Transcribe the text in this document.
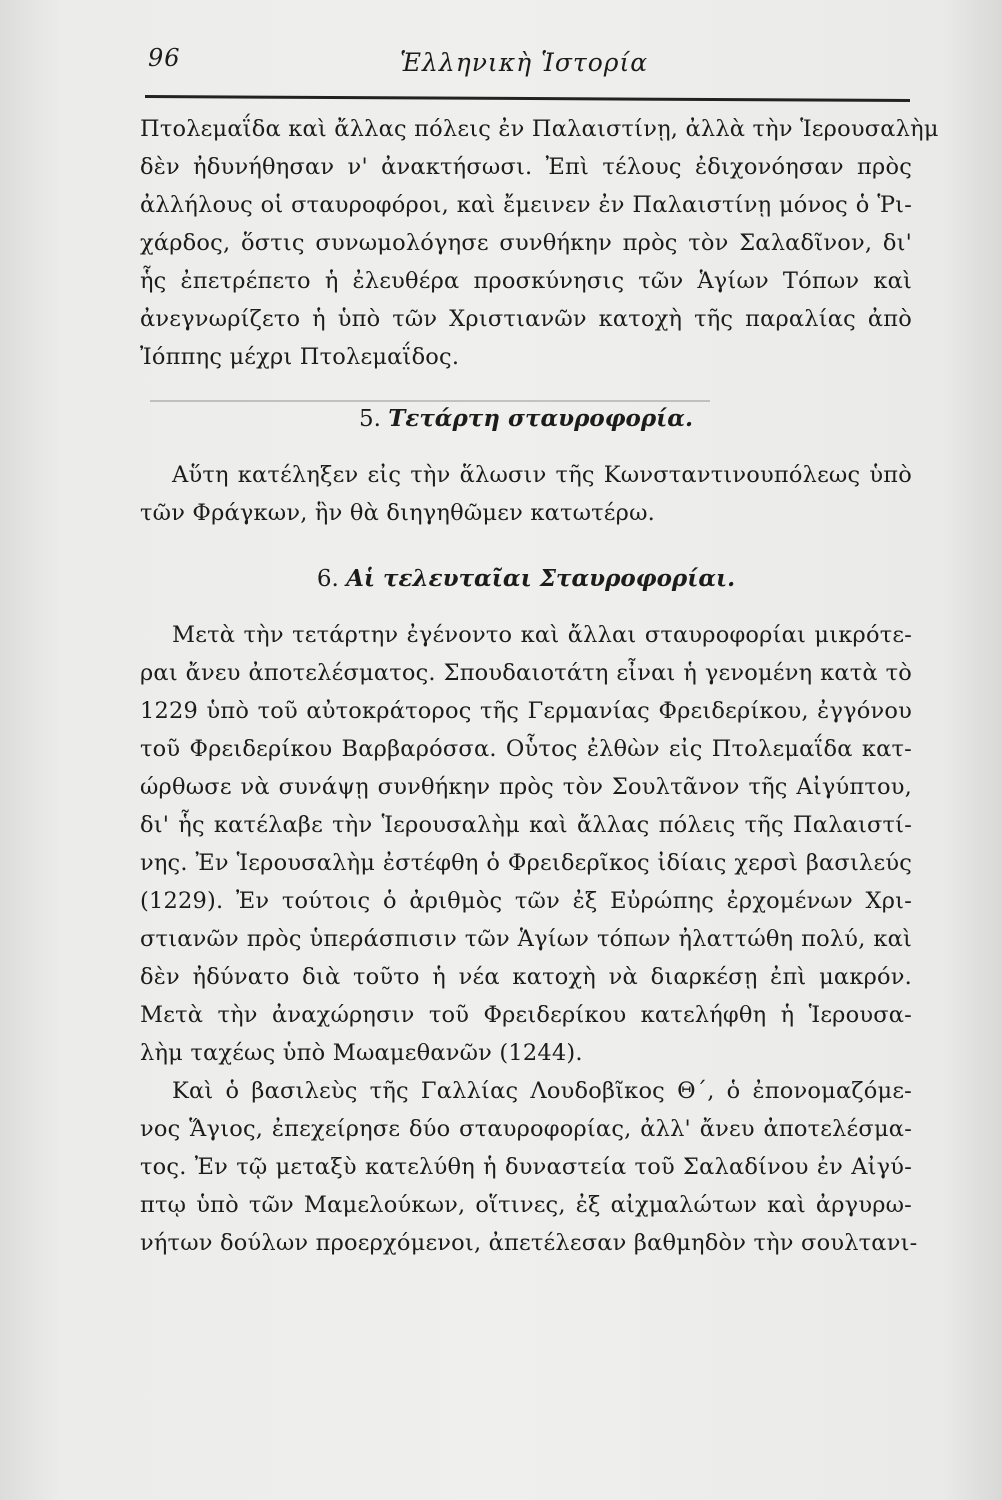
96	Ἑλληνικὴ Ἱστορία
Πτολεμαΐδα καὶ ἄλλας πόλεις ἐν Παλαιστίνῃ, ἀλλὰ τὴν Ἱερουσαλὴμ
δὲν ἠδυνήθησαν ν' ἀνακτήσωσι. Ἐπὶ τέλους ἐδιχονόησαν πρὸς
ἀλλήλους οἱ σταυροφόροι, καὶ ἔμεινεν ἐν Παλαιστίνῃ μόνος ὁ Ῥι-
χάρδος, ὅστις συνωμολόγησε συνθήκην πρὸς τὸν Σαλαδῖνον, δι'
ἧς ἐπετρέπετο ἡ ἐλευθέρα προσκύνησις τῶν Ἁγίων Τόπων καὶ
ἀνεγνωρίζετο ἡ ὑπὸ τῶν Χριστιανῶν κατοχὴ τῆς παραλίας ἀπὸ
Ἰόππης μέχρι Πτολεμαΐδος.
5. Τετάρτη σταυροφορία.
Αὕτη κατέληξεν εἰς τὴν ἅλωσιν τῆς Κωνσταντινουπόλεως ὑπὸ
τῶν Φράγκων, ἣν θὰ διηγηθῶμεν κατωτέρω.
6. Αἱ τελευταῖαι Σταυροφορίαι.
Μετὰ τὴν τετάρτην ἐγένοντο καὶ ἄλλαι σταυροφορίαι μικρότε-
ραι ἄνευ ἀποτελέσματος. Σπουδαιοτάτη εἶναι ἡ γενομένη κατὰ τὸ
1229 ὑπὸ τοῦ αὐτοκράτορος τῆς Γερμανίας Φρειδερίκου, ἐγγόνου
τοῦ Φρειδερίκου Βαρβαρόσσα. Οὗτος ἐλθὼν εἰς Πτολεμαΐδα κατ-
ώρθωσε νὰ συνάψῃ συνθήκην πρὸς τὸν Σουλτᾶνον τῆς Αἰγύπτου,
δι' ἧς κατέλαβε τὴν Ἱερουσαλὴμ καὶ ἄλλας πόλεις τῆς Παλαιστί-
νης. Ἐν Ἱερουσαλὴμ ἐστέφθη ὁ Φρειδερῖκος ἰδίαις χερσὶ βασιλεύς
(1229). Ἐν τούτοις ὁ ἀριθμὸς τῶν ἐξ Εὐρώπης ἐρχομένων Χρι-
στιανῶν πρὸς ὑπεράσπισιν τῶν Ἁγίων τόπων ἠλαττώθη πολύ, καὶ
δὲν ἠδύνατο διὰ τοῦτο ἡ νέα κατοχὴ νὰ διαρκέσῃ ἐπὶ μακρόν.
Μετὰ τὴν ἀναχώρησιν τοῦ Φρειδερίκου κατελήφθη ἡ Ἱερουσα-
λὴμ ταχέως ὑπὸ Μωαμεθανῶν (1244).
Καὶ ὁ βασιλεὺς τῆς Γαλλίας Λουδοβῖκος Θ΄, ὁ ἐπονομαζόμε-
νος Ἅγιος, ἐπεχείρησε δύο σταυροφορίας, ἀλλ' ἄνευ ἀποτελέσμα-
τος. Ἐν τῷ μεταξὺ κατελύθη ἡ δυναστεία τοῦ Σαλαδίνου ἐν Αἰγύ-
πτῳ ὑπὸ τῶν Μαμελούκων, οἵτινες, ἐξ αἰχμαλώτων καὶ ἀργυρω-
νήτων δούλων προερχόμενοι, ἀπετέλεσαν βαθμηδὸν τὴν σουλτανι-
